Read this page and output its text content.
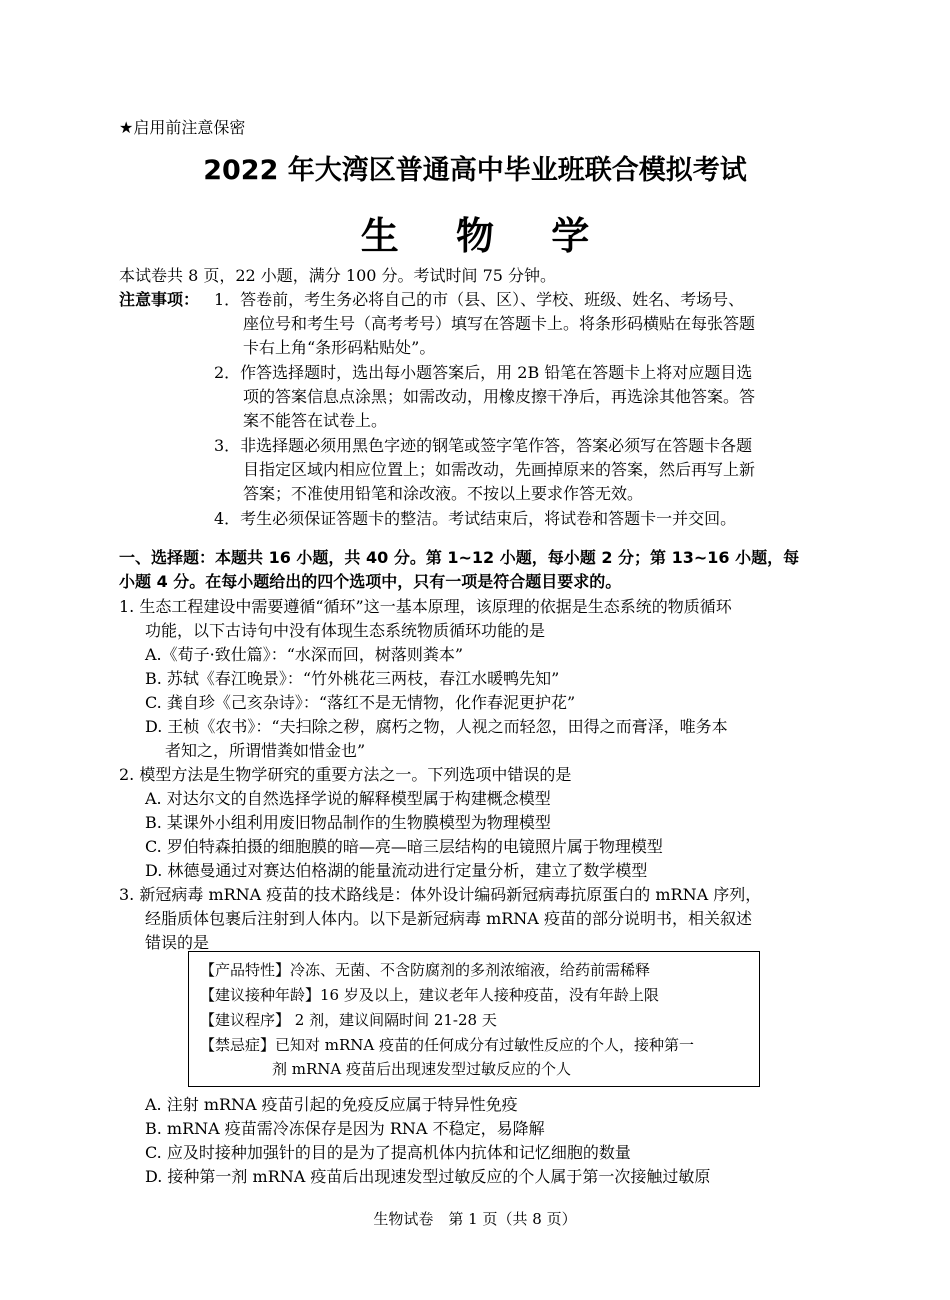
★启用前注意保密
2022 年大湾区普通高中毕业班联合模拟考试
生 物 学
本试卷共 8 页，22 小题，满分 100 分。考试时间 75 分钟。
注意事项： 1．答卷前，考生务必将自己的市（县、区）、学校、班级、姓名、考场号、
座位号和考生号（高考考号）填写在答题卡上。将条形码横贴在每张答题
卡右上角“条形码粘贴处”。
2．作答选择题时，选出每小题答案后，用 2B 铅笔在答题卡上将对应题目选
项的答案信息点涂黑；如需改动，用橡皮擦干净后，再选涂其他答案。答
案不能答在试卷上。
3．非选择题必须用黑色字迹的钢笔或签字笔作答，答案必须写在答题卡各题
目指定区域内相应位置上；如需改动，先画掉原来的答案，然后再写上新
答案；不准使用铅笔和涂改液。不按以上要求作答无效。
4．考生必须保证答题卡的整洁。考试结束后，将试卷和答题卡一并交回。
一、选择题：本题共 16 小题，共 40 分。第 1~12 小题，每小题 2 分；第 13~16 小题，每
小题 4 分。在每小题给出的四个选项中，只有一项是符合题目要求的。
1. 生态工程建设中需要遵循“循环”这一基本原理，该原理的依据是生态系统的物质循环
功能，以下古诗句中没有体现生态系统物质循环功能的是
A.《荀子·致仕篇》：“水深而回，树落则粪本”
B. 苏轼《春江晚景》：“竹外桃花三两枝，春江水暖鸭先知”
C. 龚自珍《己亥杂诗》：“落红不是无情物，化作春泥更护花”
D. 王桢《农书》：“夫扫除之秽，腐朽之物，人视之而轻忽，田得之而膏泽，唯务本
者知之，所谓惜粪如惜金也”
2. 模型方法是生物学研究的重要方法之一。下列选项中错误的是
A. 对达尔文的自然选择学说的解释模型属于构建概念模型
B. 某课外小组利用废旧物品制作的生物膜模型为物理模型
C. 罗伯特森拍摄的细胞膜的暗—亮—暗三层结构的电镜照片属于物理模型
D. 林德曼通过对赛达伯格湖的能量流动进行定量分析，建立了数学模型
3. 新冠病毒 mRNA 疫苗的技术路线是：体外设计编码新冠病毒抗原蛋白的 mRNA 序列，
经脂质体包裹后注射到人体内。以下是新冠病毒 mRNA 疫苗的部分说明书，相关叙述
错误的是
【产品特性】冷冻、无菌、不含防腐剂的多剂浓缩液，给药前需稀释
【建议接种年龄】16 岁及以上，建议老年人接种疫苗，没有年龄上限
【建议程序】 2 剂，建议间隔时间 21-28 天
【禁忌症】已知对 mRNA 疫苗的任何成分有过敏性反应的个人，接种第一
剂 mRNA 疫苗后出现速发型过敏反应的个人
A. 注射 mRNA 疫苗引起的免疫反应属于特异性免疫
B. mRNA 疫苗需冷冻保存是因为 RNA 不稳定，易降解
C. 应及时接种加强针的目的是为了提高机体内抗体和记忆细胞的数量
D. 接种第一剂 mRNA 疫苗后出现速发型过敏反应的个人属于第一次接触过敏原
生物试卷　第 1 页（共 8 页）
